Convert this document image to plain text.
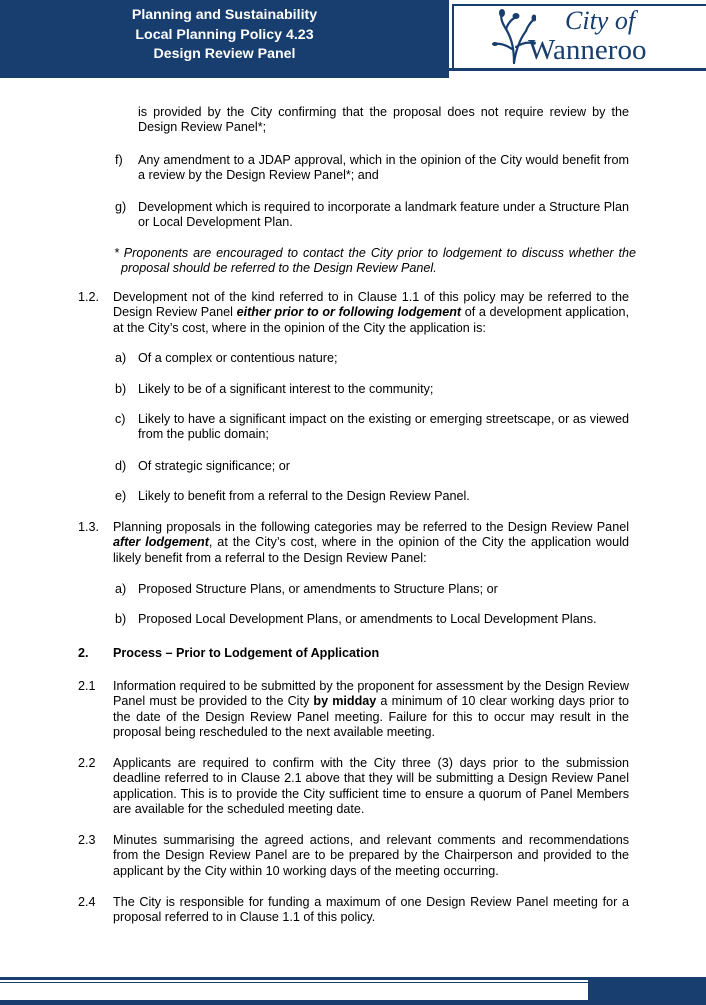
Planning and Sustainability
Local Planning Policy 4.23
Design Review Panel
City of
Wanneroo
is provided by the City confirming that the proposal does not require review by the Design Review Panel*;
f) Any amendment to a JDAP approval, which in the opinion of the City would benefit from a review by the Design Review Panel*; and
g) Development which is required to incorporate a landmark feature under a Structure Plan or Local Development Plan.
* Proponents are encouraged to contact the City prior to lodgement to discuss whether the proposal should be referred to the Design Review Panel.
1.2. Development not of the kind referred to in Clause 1.1 of this policy may be referred to the Design Review Panel either prior to or following lodgement of a development application, at the City’s cost, where in the opinion of the City the application is:
a) Of a complex or contentious nature;
b) Likely to be of a significant interest to the community;
c) Likely to have a significant impact on the existing or emerging streetscape, or as viewed from the public domain;
d) Of strategic significance; or
e) Likely to benefit from a referral to the Design Review Panel.
1.3. Planning proposals in the following categories may be referred to the Design Review Panel after lodgement, at the City’s cost, where in the opinion of the City the application would likely benefit from a referral to the Design Review Panel:
a) Proposed Structure Plans, or amendments to Structure Plans; or
b) Proposed Local Development Plans, or amendments to Local Development Plans.
2. Process – Prior to Lodgement of Application
2.1 Information required to be submitted by the proponent for assessment by the Design Review Panel must be provided to the City by midday a minimum of 10 clear working days prior to the date of the Design Review Panel meeting. Failure for this to occur may result in the proposal being rescheduled to the next available meeting.
2.2 Applicants are required to confirm with the City three (3) days prior to the submission deadline referred to in Clause 2.1 above that they will be submitting a Design Review Panel application. This is to provide the City sufficient time to ensure a quorum of Panel Members are available for the scheduled meeting date.
2.3 Minutes summarising the agreed actions, and relevant comments and recommendations from the Design Review Panel are to be prepared by the Chairperson and provided to the applicant by the City within 10 working days of the meeting occurring.
2.4 The City is responsible for funding a maximum of one Design Review Panel meeting for a proposal referred to in Clause 1.1 of this policy.
